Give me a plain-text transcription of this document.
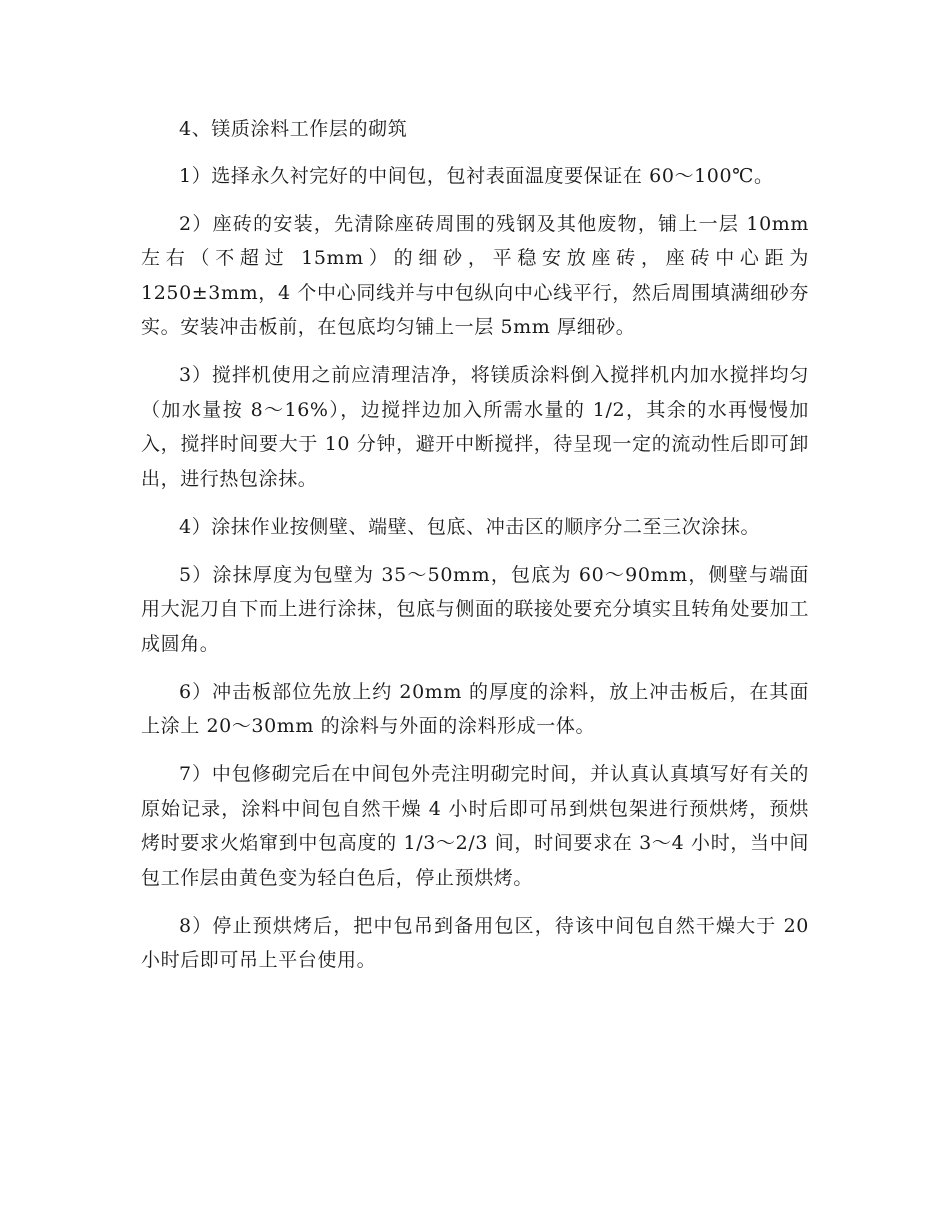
4、镁质涂料工作层的砌筑

1）选择永久衬完好的中间包，包衬表面温度要保证在 60～100℃。

2）座砖的安装，先清除座砖周围的残钢及其他废物，铺上一层 10mm 左右（不超过 15mm）的细砂，平稳安放座砖，座砖中心距为 1250±3mm，4 个中心同线并与中包纵向中心线平行，然后周围填满细砂夯实。安装冲击板前，在包底均匀铺上一层 5mm 厚细砂。

3）搅拌机使用之前应清理洁净，将镁质涂料倒入搅拌机内加水搅拌均匀（加水量按 8～16%），边搅拌边加入所需水量的 1/2，其余的水再慢慢加入，搅拌时间要大于 10 分钟，避开中断搅拌，待呈现一定的流动性后即可卸出，进行热包涂抹。

4）涂抹作业按侧壁、端壁、包底、冲击区的顺序分二至三次涂抹。

5）涂抹厚度为包壁为 35～50mm，包底为 60～90mm，侧壁与端面用大泥刀自下而上进行涂抹，包底与侧面的联接处要充分填实且转角处要加工成圆角。

6）冲击板部位先放上约 20mm 的厚度的涂料，放上冲击板后，在其面上涂上 20～30mm 的涂料与外面的涂料形成一体。

7）中包修砌完后在中间包外壳注明砌完时间，并认真认真填写好有关的原始记录，涂料中间包自然干燥 4 小时后即可吊到烘包架进行预烘烤，预烘烤时要求火焰窜到中包高度的 1/3～2/3 间，时间要求在 3～4 小时，当中间包工作层由黄色变为轻白色后，停止预烘烤。

8）停止预烘烤后，把中包吊到备用包区，待该中间包自然干燥大于 20 小时后即可吊上平台使用。
